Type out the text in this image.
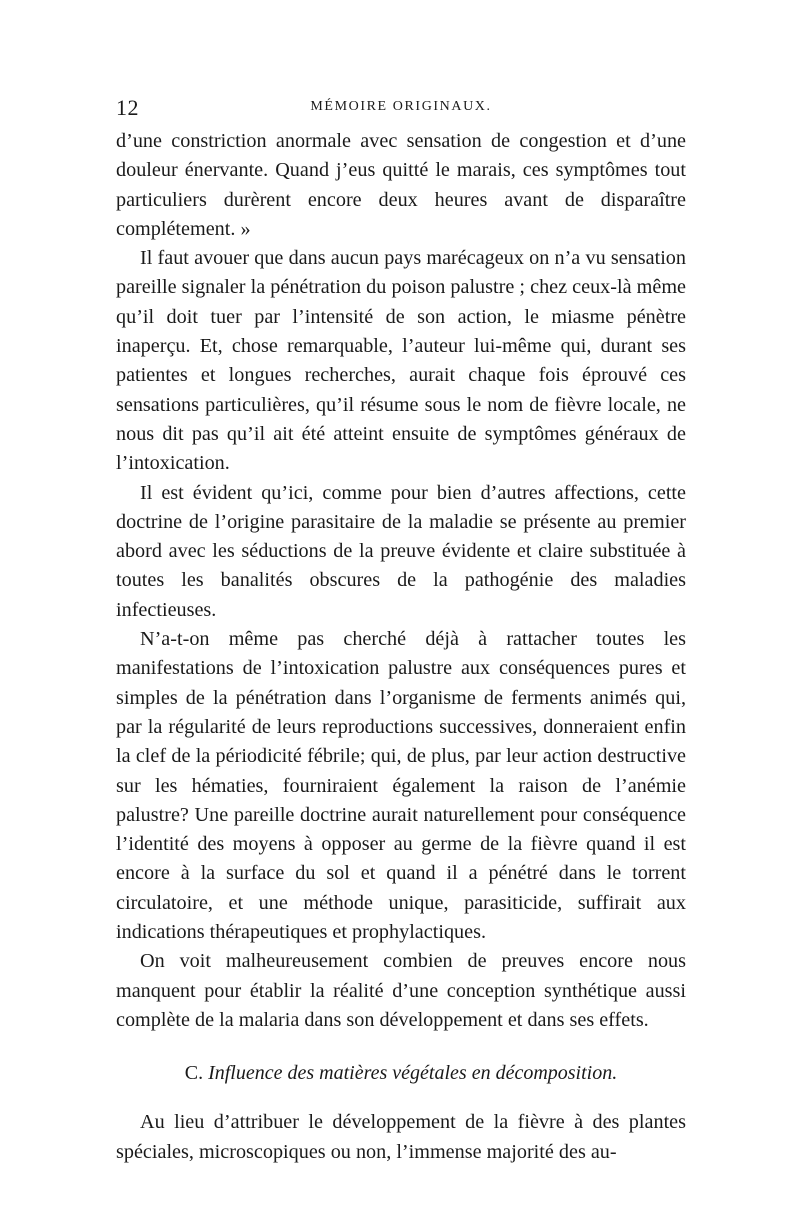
12	MÉMOIRE ORIGINAUX.

d’une constriction anormale avec sensation de congestion et d’une douleur énervante. Quand j’eus quitté le marais, ces symptômes tout particuliers durèrent encore deux heures avant de disparaître complétement. »

Il faut avouer que dans aucun pays marécageux on n’a vu sensation pareille signaler la pénétration du poison palustre ; chez ceux-là même qu’il doit tuer par l’intensité de son action, le miasme pénètre inaperçu. Et, chose remarquable, l’auteur lui-même qui, durant ses patientes et longues recherches, aurait chaque fois éprouvé ces sensations particulières, qu’il résume sous le nom de fièvre locale, ne nous dit pas qu’il ait été atteint ensuite de symptômes généraux de l’intoxication.

Il est évident qu’ici, comme pour bien d’autres affections, cette doctrine de l’origine parasitaire de la maladie se présente au premier abord avec les séductions de la preuve évidente et claire substituée à toutes les banalités obscures de la pathogénie des maladies infectieuses.

N’a-t-on même pas cherché déjà à rattacher toutes les manifestations de l’intoxication palustre aux conséquences pures et simples de la pénétration dans l’organisme de ferments animés qui, par la régularité de leurs reproductions successives, donneraient enfin la clef de la périodicité fébrile; qui, de plus, par leur action destructive sur les hématies, fourniraient également la raison de l’anémie palustre? Une pareille doctrine aurait naturellement pour conséquence l’identité des moyens à opposer au germe de la fièvre quand il est encore à la surface du sol et quand il a pénétré dans le torrent circulatoire, et une méthode unique, parasiticide, suffirait aux indications thérapeutiques et prophylactiques.

On voit malheureusement combien de preuves encore nous manquent pour établir la réalité d’une conception synthétique aussi complète de la malaria dans son développement et dans ses effets.

C. Influence des matières végétales en décomposition.

Au lieu d’attribuer le développement de la fièvre à des plantes spéciales, microscopiques ou non, l’immense majorité des au-
